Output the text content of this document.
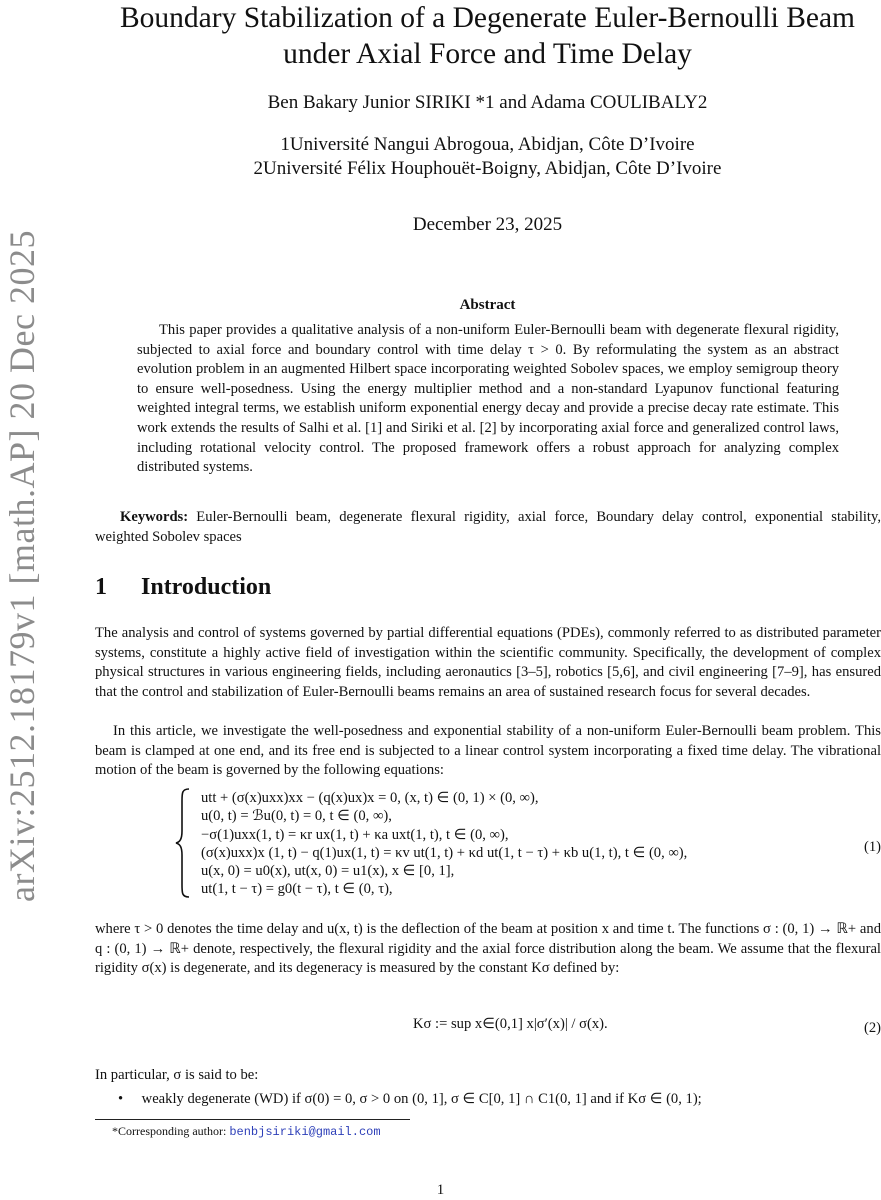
arXiv:2512.18179v1 [math.AP] 20 Dec 2025
Boundary Stabilization of a Degenerate Euler-Bernoulli Beam
under Axial Force and Time Delay
Ben Bakary Junior SIRIKI *1 and Adama COULIBALY2
1Université Nangui Abrogoua, Abidjan, Côte D’Ivoire
2Université Félix Houphouët-Boigny, Abidjan, Côte D’Ivoire
December 23, 2025
Abstract

This paper provides a qualitative analysis of a non-uniform Euler-Bernoulli beam with degenerate flexural rigidity, subjected to axial force and boundary control with time delay τ > 0. By reformulating the system as an abstract evolution problem in an augmented Hilbert space incorporating weighted Sobolev spaces, we employ semigroup theory to ensure well-posedness. Using the energy multiplier method and a non-standard Lyapunov functional featuring weighted integral terms, we establish uniform exponential energy decay and provide a precise decay rate estimate. This work extends the results of Salhi et al. [1] and Siriki et al. [2] by incorporating axial force and generalized control laws, including rotational velocity control. The proposed framework offers a robust approach for analyzing complex distributed systems.

Keywords: Euler-Bernoulli beam, degenerate flexural rigidity, axial force, Boundary delay control, exponential stability, weighted Sobolev spaces

1 Introduction

The analysis and control of systems governed by partial differential equations (PDEs), commonly referred to as distributed parameter systems, constitute a highly active field of investigation within the scientific community. Specifically, the development of complex physical structures in various engineering fields, including aeronautics [3–5], robotics [5,6], and civil engineering [7–9], has ensured that the control and stabilization of Euler-Bernoulli beams remains an area of sustained research focus for several decades.

In this article, we investigate the well-posedness and exponential stability of a non-uniform Euler-Bernoulli beam problem. This beam is clamped at one end, and its free end is subjected to a linear control system incorporating a fixed time delay. The vibrational motion of the beam is governed by the following equations:

utt + (σ(x)uxx)xx − (q(x)ux)x = 0, (x, t) ∈ (0, 1) × (0, ∞),
u(0, t) = ℬu(0, t) = 0, t ∈ (0, ∞),
−σ(1)uxx(1, t) = κr ux(1, t) + κa uxt(1, t), t ∈ (0, ∞),
(σ(x)uxx)x (1, t) − q(1)ux(1, t) = κv ut(1, t) + κd ut(1, t − τ) + κb u(1, t), t ∈ (0, ∞),
u(x, 0) = u0(x), ut(x, 0) = u1(x), x ∈ [0, 1],
ut(1, t − τ) = g0(t − τ), t ∈ (0, τ),
(1)

where τ > 0 denotes the time delay and u(x, t) is the deflection of the beam at position x and time t. The functions σ : (0, 1) → ℝ+ and q : (0, 1) → ℝ+ denote, respectively, the flexural rigidity and the axial force distribution along the beam. We assume that the flexural rigidity σ(x) is degenerate, and its degeneracy is measured by the constant Kσ defined by:

Kσ := sup x∈(0,1] x|σ′(x)| / σ(x).	(2)

In particular, σ is said to be:

• weakly degenerate (WD) if σ(0) = 0, σ > 0 on (0, 1], σ ∈ C[0, 1] ∩ C1(0, 1] and if Kσ ∈ (0, 1);
*Corresponding author: benbjsiriki@gmail.com
1
